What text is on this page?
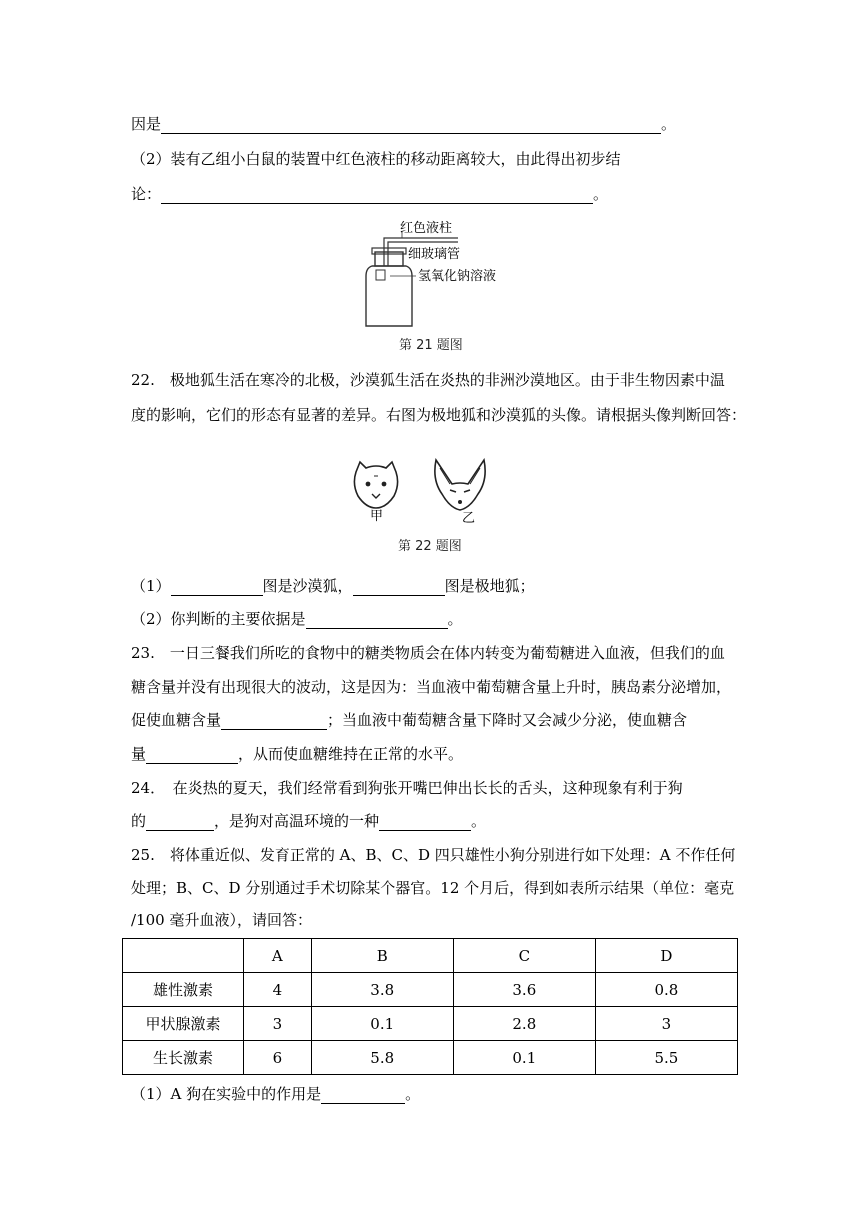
因是	。
（2）装有乙组小白鼠的装置中红色液柱的移动距离较大，由此得出初步结
论：	。
红色液柱
细玻璃管
氢氧化钠溶液
第 21 题图
22.　极地狐生活在寒冷的北极，沙漠狐生活在炎热的非洲沙漠地区。由于非生物因素中温
度的影响，它们的形态有显著的差异。右图为极地狐和沙漠狐的头像。请根据头像判断回答：
甲	乙
第 22 题图
（1）	图是沙漠狐，	图是极地狐；
（2）你判断的主要依据是	。
23.　一日三餐我们所吃的食物中的糖类物质会在体内转变为葡萄糖进入血液，但我们的血
糖含量并没有出现很大的波动，这是因为：当血液中葡萄糖含量上升时，胰岛素分泌增加，
促使血糖含量	；当血液中葡萄糖含量下降时又会减少分泌，使血糖含
量	，从而使血糖维持在正常的水平。
24．　在炎热的夏天，我们经常看到狗张开嘴巴伸出长长的舌头，这种现象有利于狗
的	，是狗对高温环境的一种	。
25.　将体重近似、发育正常的 A、B、C、D 四只雄性小狗分别进行如下处理：A 不作任何
处理；B、C、D 分别通过手术切除某个器官。12 个月后，得到如表所示结果（单位：毫克
/100 毫升血液），请回答：
	A	B	C	D
雄性激素	4	3.8	3.6	0.8
甲状腺激素	3	0.1	2.8	3
生长激素	6	5.8	0.1	5.5
（1）A 狗在实验中的作用是	。
